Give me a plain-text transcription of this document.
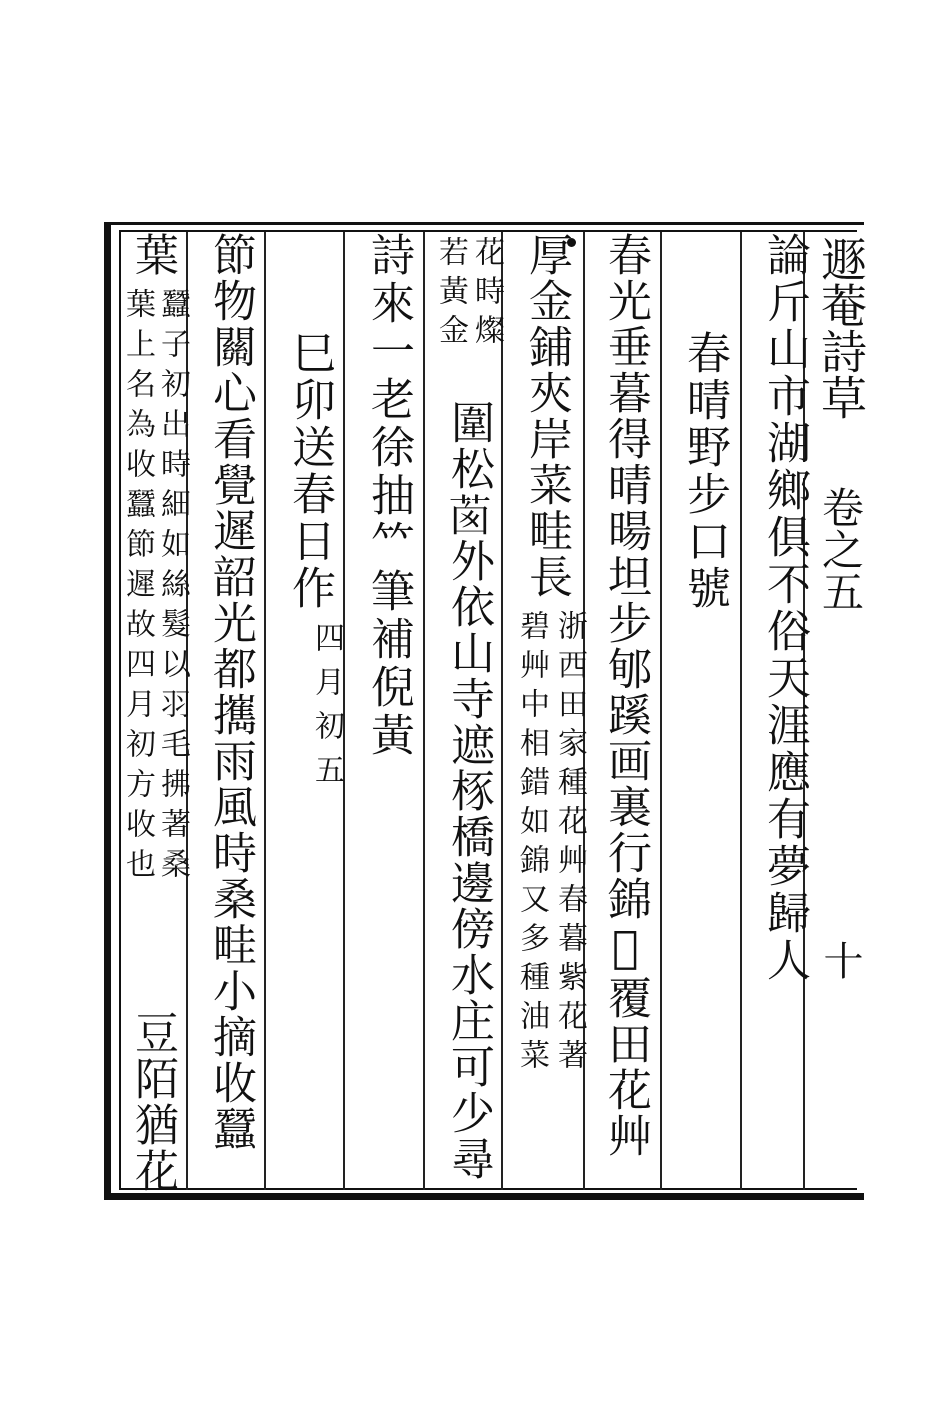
遯菴詩草
卷之五
十
論斤山市湖鄉俱不俗天涯應有夢歸人
春晴野步口號
春光垂暮得晴暘坦步郇蹊画裏行錦𦽿覆田花艸
厚金鋪夾岸菜畦長
浙西田家種花艸春暮紫花著
碧艸中相錯如錦又多種油菜
花時燦
若黃金
圍松𦯎外依山寺遮㭬橋邊傍水庄可少尋
詩來一老徐抽𥫗筆補倪黃
巳卯送春日作
四月初五
節物關心看覺遲韶光都𢹂雨風時桑畦小摘收蠶
葉
蠶子初出時細如絲髮以羽毛拂著桑
葉上名為收蠶節遲故四月初方收也
豆陌猶花
